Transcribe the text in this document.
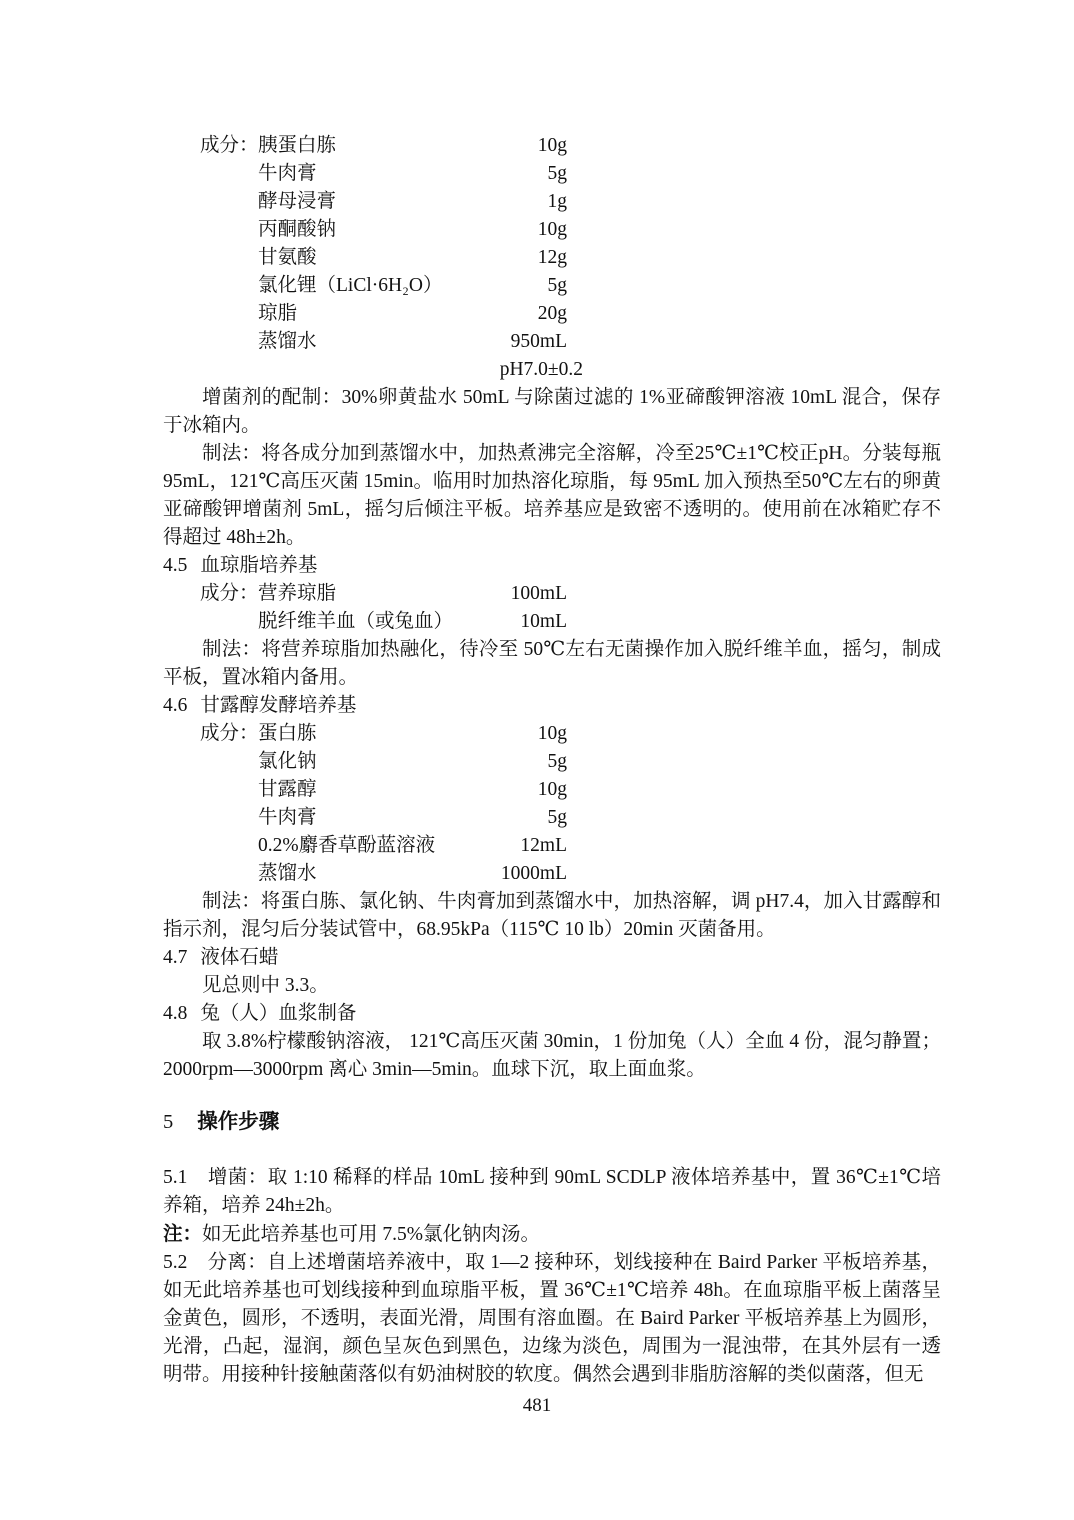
成分： 胰蛋白胨	10g
牛肉膏	5g
酵母浸膏	1g
丙酮酸钠	10g
甘氨酸	12g
氯化锂（LiCl·6H₂O）	5g
琼脂	20g
蒸馏水	950mL
pH7.0±0.2
增菌剂的配制：30%卵黄盐水 50mL 与除菌过滤的 1%亚碲酸钾溶液 10mL 混合，保存于冰箱内。
制法：将各成分加到蒸馏水中，加热煮沸完全溶解，冷至25℃±1℃校正pH。分装每瓶95mL，121℃高压灭菌 15min。临用时加热溶化琼脂，每 95mL 加入预热至50℃左右的卵黄亚碲酸钾增菌剂 5mL，摇匀后倾注平板。培养基应是致密不透明的。使用前在冰箱贮存不得超过 48h±2h。
4.5 血琼脂培养基
成分： 营养琼脂	100mL
脱纤维羊血（或兔血）	10mL
制法：将营养琼脂加热融化，待冷至 50℃左右无菌操作加入脱纤维羊血，摇匀，制成平板，置冰箱内备用。
4.6 甘露醇发酵培养基
成分： 蛋白胨	10g
氯化钠	5g
甘露醇	10g
牛肉膏	5g
0.2%麝香草酚蓝溶液	12mL
蒸馏水	1000mL
制法：将蛋白胨、氯化钠、牛肉膏加到蒸馏水中，加热溶解，调 pH7.4，加入甘露醇和指示剂，混匀后分装试管中，68.95kPa（115℃ 10 lb）20min 灭菌备用。
4.7 液体石蜡
见总则中 3.3。
4.8 兔（人）血浆制备
取 3.8%柠檬酸钠溶液， 121℃高压灭菌 30min，1 份加兔（人）全血 4 份，混匀静置；2000rpm—3000rpm 离心 3min—5min。血球下沉，取上面血浆。
5 操作步骤
5.1 增菌：取 1:10 稀释的样品 10mL 接种到 90mL SCDLP 液体培养基中，置 36℃±1℃培养箱，培养 24h±2h。
注：如无此培养基也可用 7.5%氯化钠肉汤。
5.2 分离：自上述增菌培养液中，取 1—2 接种环，划线接种在 Baird Parker 平板培养基，如无此培养基也可划线接种到血琼脂平板，置 36℃±1℃培养 48h。在血琼脂平板上菌落呈金黄色，圆形，不透明，表面光滑，周围有溶血圈。在 Baird Parker 平板培养基上为圆形，光滑，凸起，湿润，颜色呈灰色到黑色，边缘为淡色，周围为一混浊带，在其外层有一透明带。用接种针接触菌落似有奶油树胶的软度。偶然会遇到非脂肪溶解的类似菌落，但无
481
